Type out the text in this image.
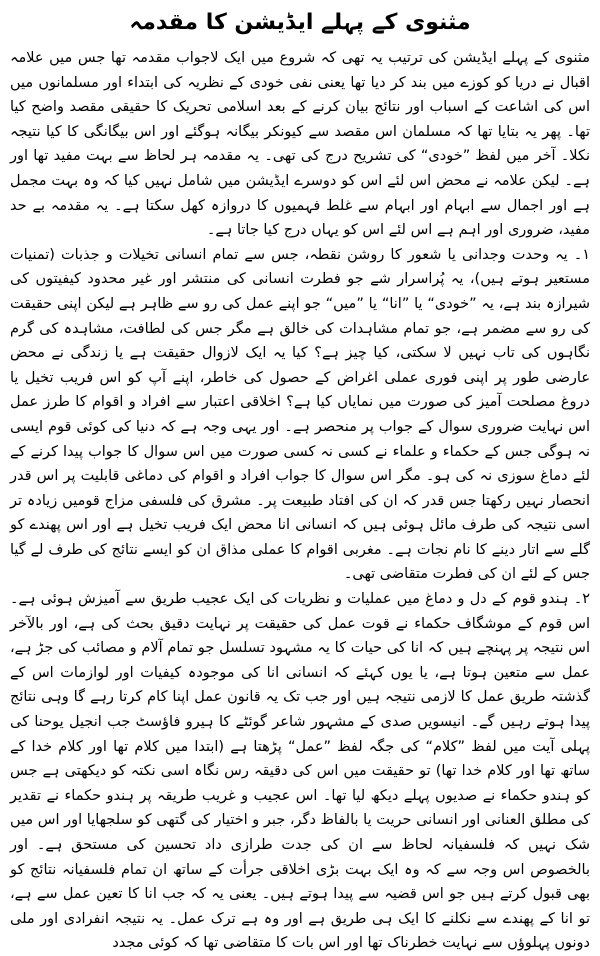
مثنوی کے پہلے ایڈیشن کا مقدمہ

مثنوی کے پہلے ایڈیشن کی ترتیب یہ تھی کہ شروع میں ایک لاجواب مقدمہ تھا جس میں علامہ اقبال نے دریا کو کوزے میں بند کر دیا تھا یعنی نفی خودی کے نظریہ کی ابتداء اور مسلمانوں میں اس کی اشاعت کے اسباب اور نتائج بیان کرنے کے بعد اسلامی تحریک کا حقیقی مقصد واضح کیا تھا۔ پھر یہ بتایا تھا کہ مسلمان اس مقصد سے کیونکر بیگانہ ہوگئے اور اس بیگانگی کا کیا نتیجہ نکلا۔ آخر میں لفظ ”خودی“ کی تشریح درج کی تھی۔ یہ مقدمہ ہر لحاظ سے بہت مفید تھا اور ہے۔ لیکن علامہ نے محض اس لئے اس کو دوسرے ایڈیشن میں شامل نہیں کیا کہ وہ بہت مجمل ہے اور اجمال سے ابہام اور ابہام سے غلط فہمیوں کا دروازہ کھل سکتا ہے۔ یہ مقدمہ بے حد مفید، ضروری اور اہم ہے اس لئے اس کو یہاں درج کیا جاتا ہے۔

۱۔ یہ وحدت وجدانی یا شعور کا روشن نقطہ، جس سے تمام انسانی تخیلات و جذبات (تمنیات مستعیر ہوتے ہیں)، یہ پُراسرار شے جو فطرت انسانی کی منتشر اور غیر محدود کیفیتوں کی شیرازہ بند ہے، یہ ”خودی“ یا ”انا“ یا ”میں“ جو اپنے عمل کی رو سے ظاہر ہے لیکن اپنی حقیقت کی رو سے مضمر ہے، جو تمام مشاہدات کی خالق ہے مگر جس کی لطافت، مشاہدہ کی گرم نگاہوں کی تاب نہیں لا سکتی، کیا چیز ہے؟ کیا یہ ایک لازوال حقیقت ہے یا زندگی نے محض عارضی طور پر اپنی فوری عملی اغراض کے حصول کی خاطر، اپنے آپ کو اس فریب تخیل یا دروغ مصلحت آمیز کی صورت میں نمایاں کیا ہے؟ اخلاقی اعتبار سے افراد و اقوام کا طرز عمل اس نہایت ضروری سوال کے جواب پر منحصر ہے۔ اور یہی وجہ ہے کہ دنیا کی کوئی قوم ایسی نہ ہوگی جس کے حکماء و علماء نے کسی نہ کسی صورت میں اس سوال کا جواب پیدا کرنے کے لئے دماغ سوزی نہ کی ہو۔ مگر اس سوال کا جواب افراد و اقوام کی دماغی قابلیت پر اس قدر انحصار نہیں رکھتا جس قدر کہ ان کی افتاد طبیعت پر۔ مشرق کی فلسفی مزاج قومیں زیادہ تر اسی نتیجہ کی طرف مائل ہوئی ہیں کہ انسانی انا محض ایک فریب تخیل ہے اور اس پھندے کو گلے سے اتار دینے کا نام نجات ہے۔ مغربی اقوام کا عملی مذاق ان کو ایسے نتائج کی طرف لے گیا جس کے لئے ان کی فطرت متقاضی تھی۔

۲۔ ہندو قوم کے دل و دماغ میں عملیات و نظریات کی ایک عجیب طریق سے آمیزش ہوئی ہے۔ اس قوم کے موشگاف حکماء نے قوت عمل کی حقیقت پر نہایت دقیق بحث کی ہے، اور بالآخر اس نتیجہ پر پہنچے ہیں کہ انا کی حیات کا یہ مشہود تسلسل جو تمام آلام و مصائب کی جڑ ہے، عمل سے متعین ہوتا ہے، یا یوں کہئے کہ انسانی انا کی موجودہ کیفیات اور لوازمات اس کے گذشتہ طریق عمل کا لازمی نتیجہ ہیں اور جب تک یہ قانون عمل اپنا کام کرتا رہے گا وہی نتائج پیدا ہوتے رہیں گے۔ انیسویں صدی کے مشہور شاعر گوئٹے کا ہیرو فاؤسٹ جب انجیل یوحنا کی پہلی آیت میں لفظ ”کلام“ کی جگہ لفظ ”عمل“ پڑھتا ہے (ابتدا میں کلام تھا اور کلام خدا کے ساتھ تھا اور کلام خدا تھا) تو حقیقت میں اس کی دقیقہ رس نگاہ اسی نکتہ کو دیکھتی ہے جس کو ہندو حکماء نے صدیوں پہلے دیکھ لیا تھا۔ اس عجیب و غریب طریقہ پر ہندو حکماء نے تقدیر کی مطلق العنانی اور انسانی حریت یا بالفاظ دگر، جبر و اختیار کی گتھی کو سلجھایا اور اس میں شک نہیں کہ فلسفیانہ لحاظ سے ان کی جدت طرازی داد تحسین کی مستحق ہے۔ اور بالخصوص اس وجہ سے کہ وہ ایک بہت بڑی اخلاقی جرأت کے ساتھ ان تمام فلسفیانہ نتائج کو بھی قبول کرتے ہیں جو اس قضیہ سے پیدا ہوتے ہیں۔ یعنی یہ کہ جب انا کا تعین عمل سے ہے، تو انا کے پھندے سے نکلنے کا ایک ہی طریق ہے اور وہ ہے ترک عمل۔ یہ نتیجہ انفرادی اور ملی دونوں پہلوؤں سے نہایت خطرناک تھا اور اس بات کا متقاضی تھا کہ کوئی مجدد
